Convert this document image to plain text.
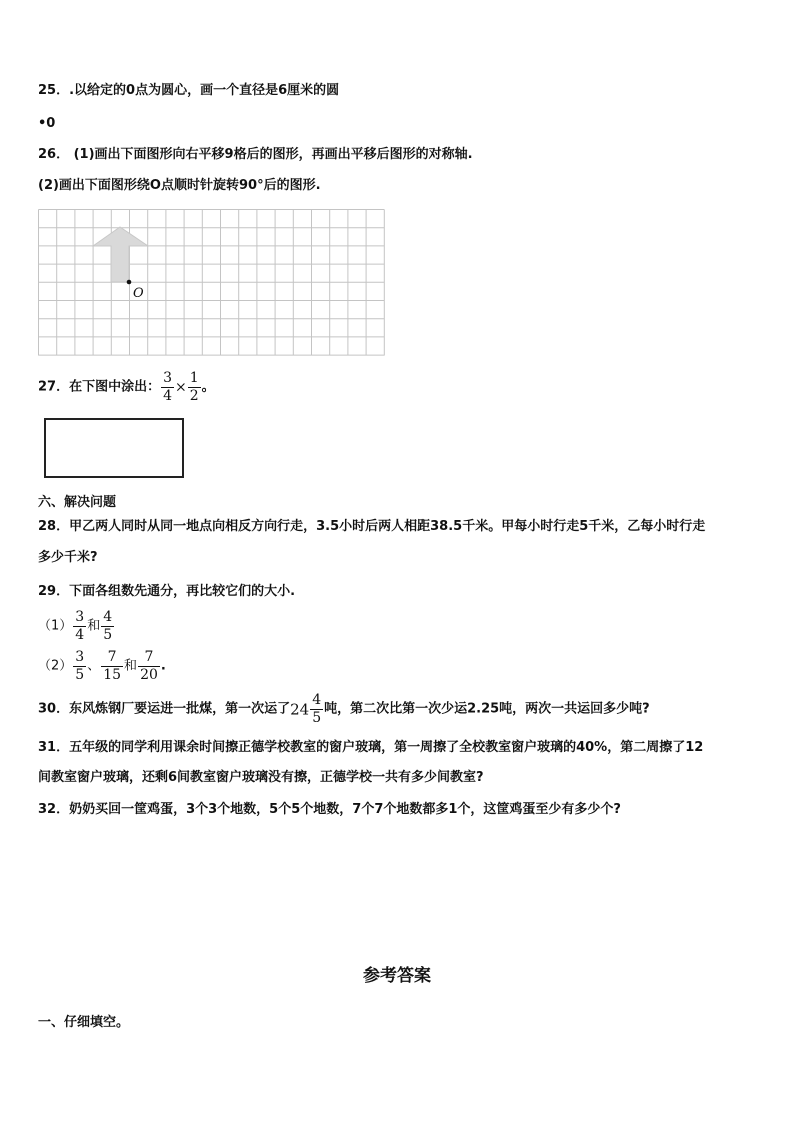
25．.以给定的0点为圆心，画一个直径是6厘米的圆
•0
26． (1)画出下面图形向右平移9格后的图形，再画出平移后图形的对称轴.
(2)画出下面图形绕O点顺时针旋转90°后的图形.
O
27．在下图中涂出： $\frac{3}{4} \times \frac{1}{2}$ 。
六、解决问题
28．甲乙两人同时从同一地点向相反方向行走，3.5小时后两人相距38.5千米。甲每小时行走5千米，乙每小时行走
多少千米?
29．下面各组数先通分，再比较它们的大小.
$(1) \frac{3}{4}$ 和 $\frac{4}{5}$
$(2) \frac{3}{5}$ 、 $\frac{7}{15}$ 和 $\frac{7}{20}$ .
30．东风炼钢厂要运进一批煤，第一次运了$24 \frac{4}{5}$ 吨，第二次比第一次少运2.25吨，两次一共运回多少吨?
31．五年级的同学利用课余时间擦正德学校教室的窗户玻璃，第一周擦了全校教室窗户玻璃的40%，第二周擦了12
间教室窗户玻璃，还剩6间教室窗户玻璃没有擦，正德学校一共有多少间教室?
32．奶奶买回一筐鸡蛋，3个3个地数，5个5个地数，7个7个地数都多1个，这筐鸡蛋至少有多少个?
参考答案
一、仔细填空。
